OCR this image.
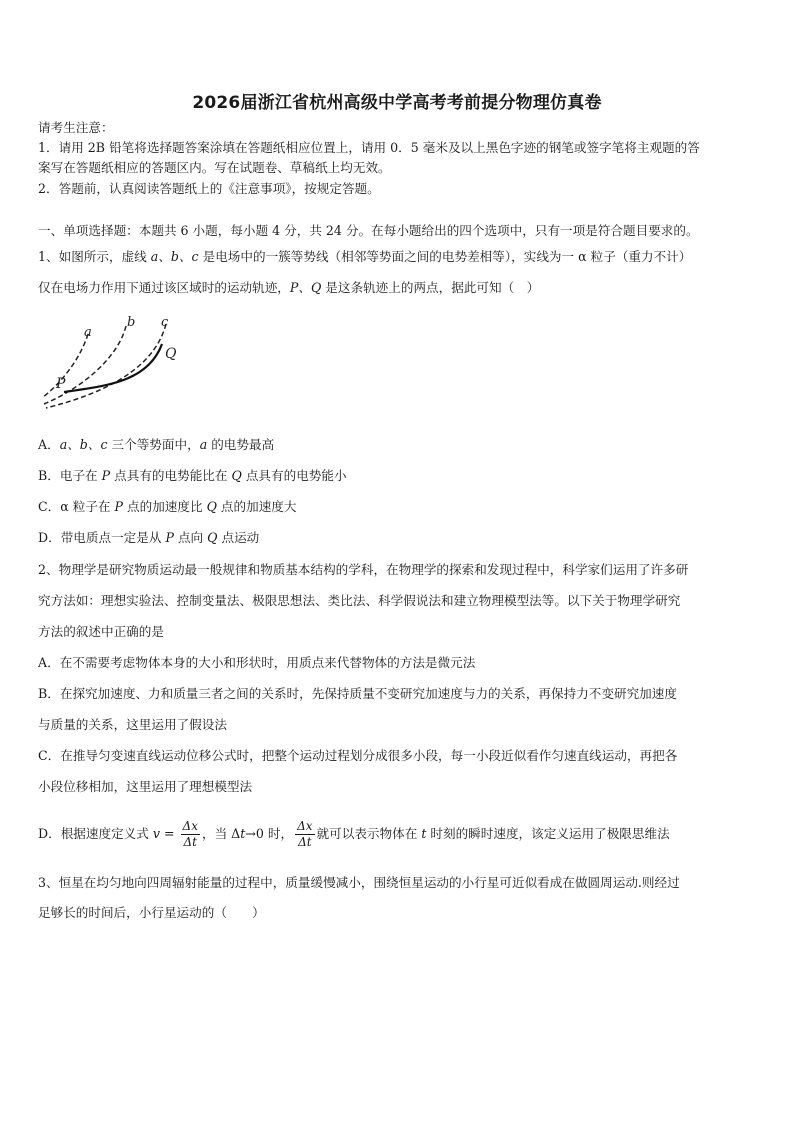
2026届浙江省杭州高级中学高考考前提分物理仿真卷
请考生注意：
1．请用 2B 铅笔将选择题答案涂填在答题纸相应位置上，请用 0．5 毫米及以上黑色字迹的钢笔或签字笔将主观题的答
案写在答题纸相应的答题区内。写在试题卷、草稿纸上均无效。
2．答题前，认真阅读答题纸上的《注意事项》，按规定答题。
一、单项选择题：本题共 6 小题，每小题 4 分，共 24 分。在每小题给出的四个选项中，只有一项是符合题目要求的。
1、如图所示，虚线 a、b、c 是电场中的一簇等势线（相邻等势面之间的电势差相等），实线为一 α 粒子（重力不计）
仅在电场力作用下通过该区域时的运动轨迹，P、Q 是这条轨迹上的两点，据此可知（　）
a
b c
P
Q
A．a、b、c 三个等势面中，a 的电势最高
B．电子在 P 点具有的电势能比在 Q 点具有的电势能小
C．α 粒子在 P 点的加速度比 Q 点的加速度大
D．带电质点一定是从 P 点向 Q 点运动
2、物理学是研究物质运动最一般规律和物质基本结构的学科，在物理学的探索和发现过程中，科学家们运用了许多研
究方法如：理想实验法、控制变量法、极限思想法、类比法、科学假说法和建立物理模型法等。以下关于物理学研究
方法的叙述中正确的是
A．在不需要考虑物体本身的大小和形状时，用质点来代替物体的方法是微元法
B．在探究加速度、力和质量三者之间的关系时，先保持质量不变研究加速度与力的关系，再保持力不变研究加速度
与质量的关系，这里运用了假设法
C．在推导匀变速直线运动位移公式时，把整个运动过程划分成很多小段，每一小段近似看作匀速直线运动，再把各
小段位移相加，这里运用了理想模型法
D．根据速度定义式 $v = \frac{\Delta x}{\Delta t}$ ，当 Δt→0 时， $\frac{\Delta x}{\Delta t}$ 就可以表示物体在 t 时刻的瞬时速度，该定义运用了极限思维法
3、恒星在均匀地向四周辐射能量的过程中，质量缓慢减小，围绕恒星运动的小行星可近似看成在做圆周运动.则经过
足够长的时间后，小行星运动的（　　）
